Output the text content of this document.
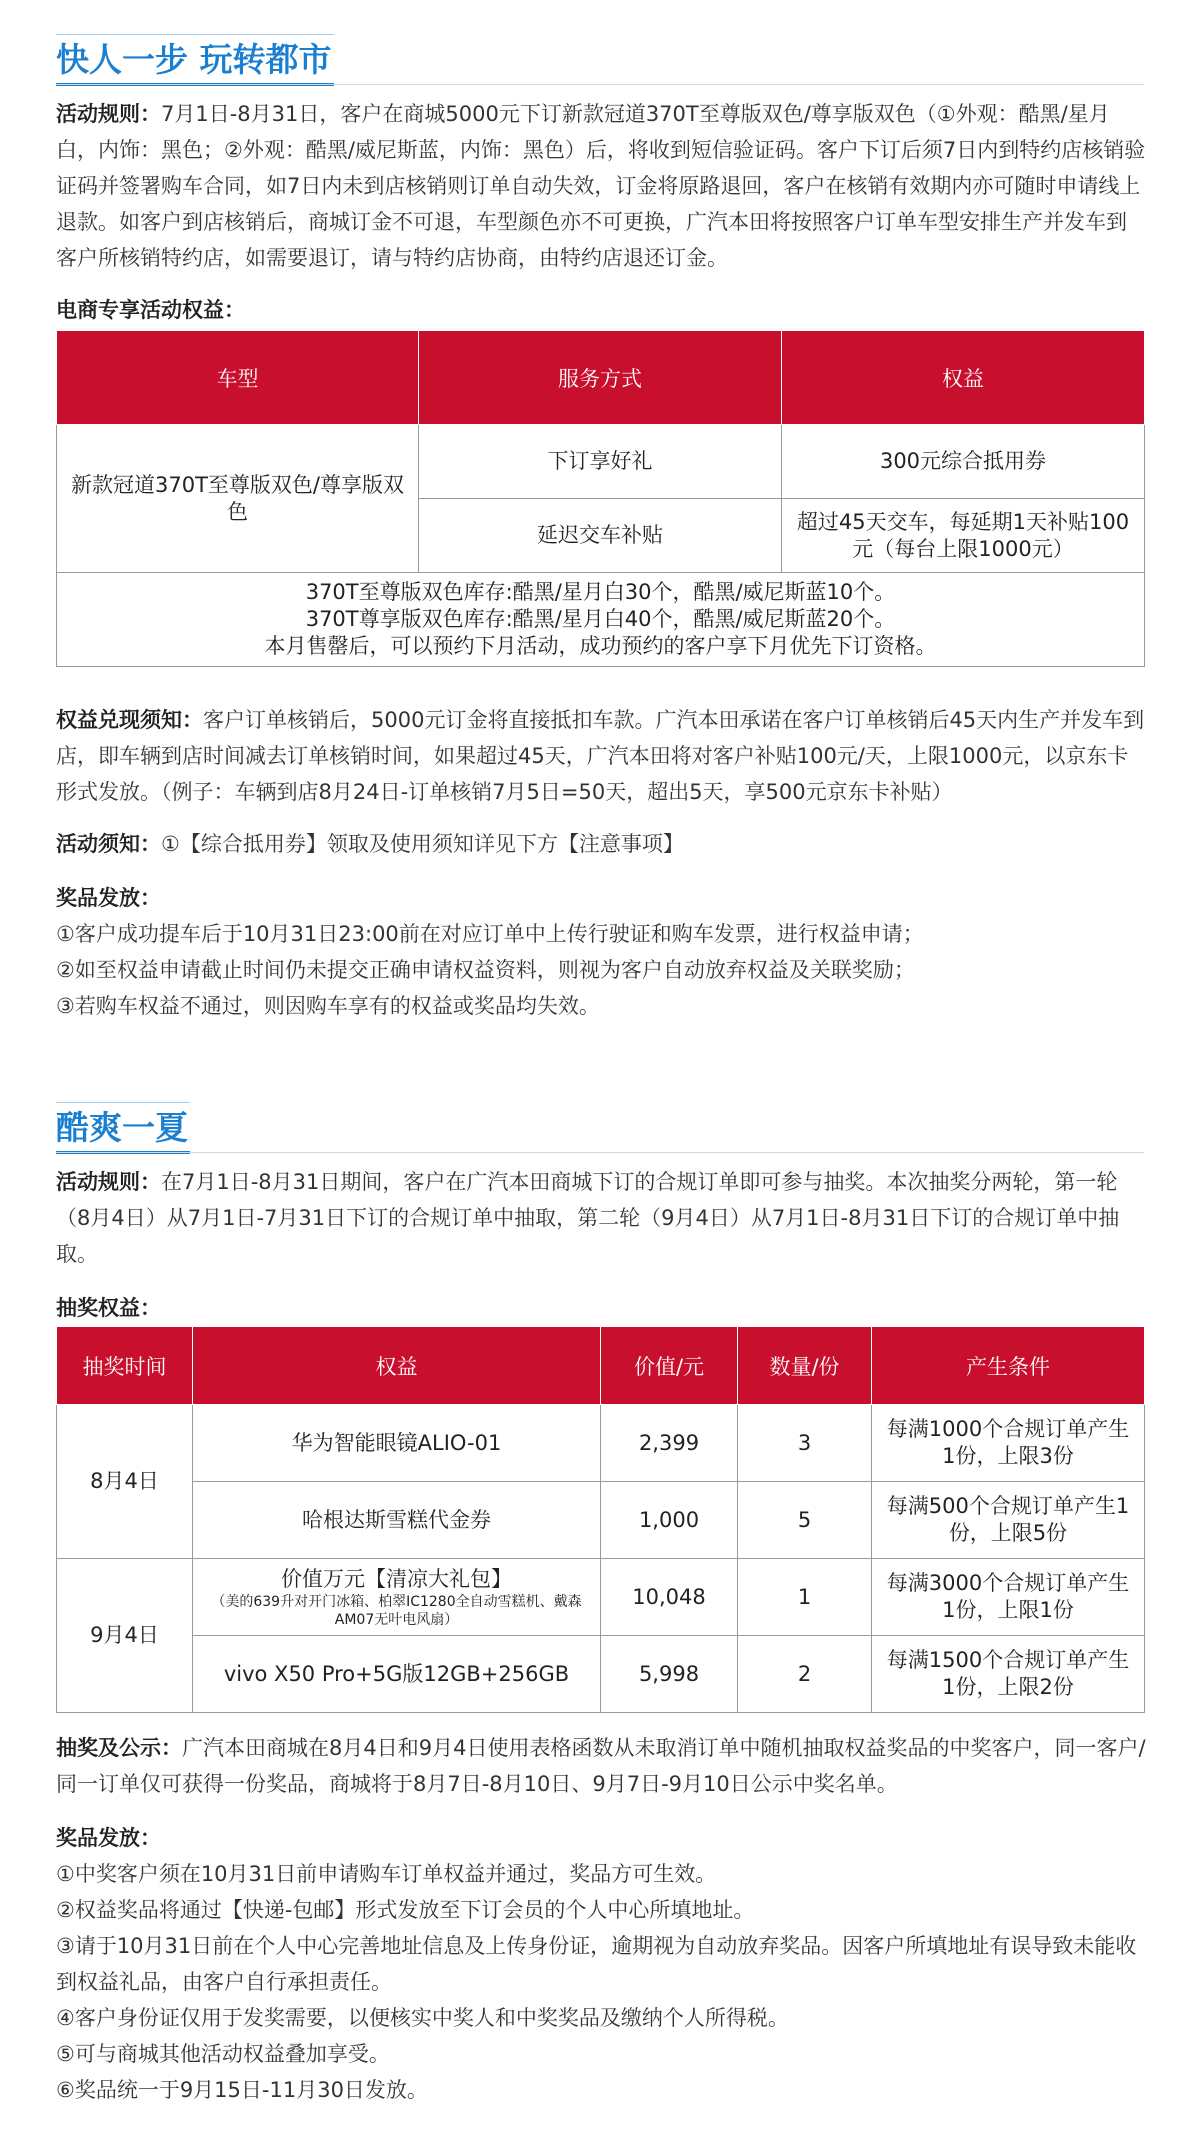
快人一步 玩转都市
活动规则：7月1日-8月31日，客户在商城5000元下订新款冠道370T至尊版双色/尊享版双色（①外观：酷黑/星月白，内饰：黑色；②外观：酷黑/威尼斯蓝，内饰：黑色）后，将收到短信验证码。客户下订后须7日内到特约店核销验证码并签署购车合同，如7日内未到店核销则订单自动失效，订金将原路退回，客户在核销有效期内亦可随时申请线上退款。如客户到店核销后，商城订金不可退，车型颜色亦不可更换，广汽本田将按照客户订单车型安排生产并发车到客户所核销特约店，如需要退订，请与特约店协商，由特约店退还订金。
电商专享活动权益：
车型	服务方式	权益
新款冠道370T至尊版双色/尊享版双色	下订享好礼	300元综合抵用券
	延迟交车补贴	超过45天交车，每延期1天补贴100元（每台上限1000元）

370T至尊版双色库存:酷黑/星月白30个，酷黑/威尼斯蓝10个。
370T尊享版双色库存:酷黑/星月白40个，酷黑/威尼斯蓝20个。
本月售罄后，可以预约下月活动，成功预约的客户享下月优先下订资格。		
权益兑现须知：客户订单核销后，5000元订金将直接抵扣车款。广汽本田承诺在客户订单核销后45天内生产并发车到店，即车辆到店时间减去订单核销时间，如果超过45天，广汽本田将对客户补贴100元/天，上限1000元，以京东卡形式发放。（例子：车辆到店8月24日-订单核销7月5日=50天，超出5天，享500元京东卡补贴）
活动须知：①【综合抵用券】领取及使用须知详见下方【注意事项】
奖品发放：
①客户成功提车后于10月31日23:00前在对应订单中上传行驶证和购车发票，进行权益申请；
②如至权益申请截止时间仍未提交正确申请权益资料，则视为客户自动放弃权益及关联奖励；
③若购车权益不通过，则因购车享有的权益或奖品均失效。
酷爽一夏
活动规则：在7月1日-8月31日期间，客户在广汽本田商城下订的合规订单即可参与抽奖。本次抽奖分两轮，第一轮（8月4日）从7月1日-7月31日下订的合规订单中抽取，第二轮（9月4日）从7月1日-8月31日下订的合规订单中抽取。
抽奖权益：
抽奖时间	权益	价值/元	数量/份	产生条件
8月4日	华为智能眼镜ALIO-01	2,399	3	每满1000个合规订单产生1份，上限3份
	哈根达斯雪糕代金券	1,000	5	每满500个合规订单产生1份，上限5份
9月4日	价值万元【清凉大礼包】
（美的639升对开门冰箱、柏翠IC1280全自动雪糕机、戴森AM07无叶电风扇）	10,048	1	每满3000个合规订单产生1份，上限1份
	vivo X50 Pro+5G版12GB+256GB	5,998	2	每满1500个合规订单产生1份，上限2份
抽奖及公示：广汽本田商城在8月4日和9月4日使用表格函数从未取消订单中随机抽取权益奖品的中奖客户，同一客户/同一订单仅可获得一份奖品，商城将于8月7日-8月10日、9月7日-9月10日公示中奖名单。
奖品发放：
①中奖客户须在10月31日前申请购车订单权益并通过，奖品方可生效。
②权益奖品将通过【快递-包邮】形式发放至下订会员的个人中心所填地址。
③请于10月31日前在个人中心完善地址信息及上传身份证，逾期视为自动放弃奖品。因客户所填地址有误导致未能收到权益礼品，由客户自行承担责任。
④客户身份证仅用于发奖需要，以便核实中奖人和中奖奖品及缴纳个人所得税。
⑤可与商城其他活动权益叠加享受。
⑥奖品统一于9月15日-11月30日发放。
